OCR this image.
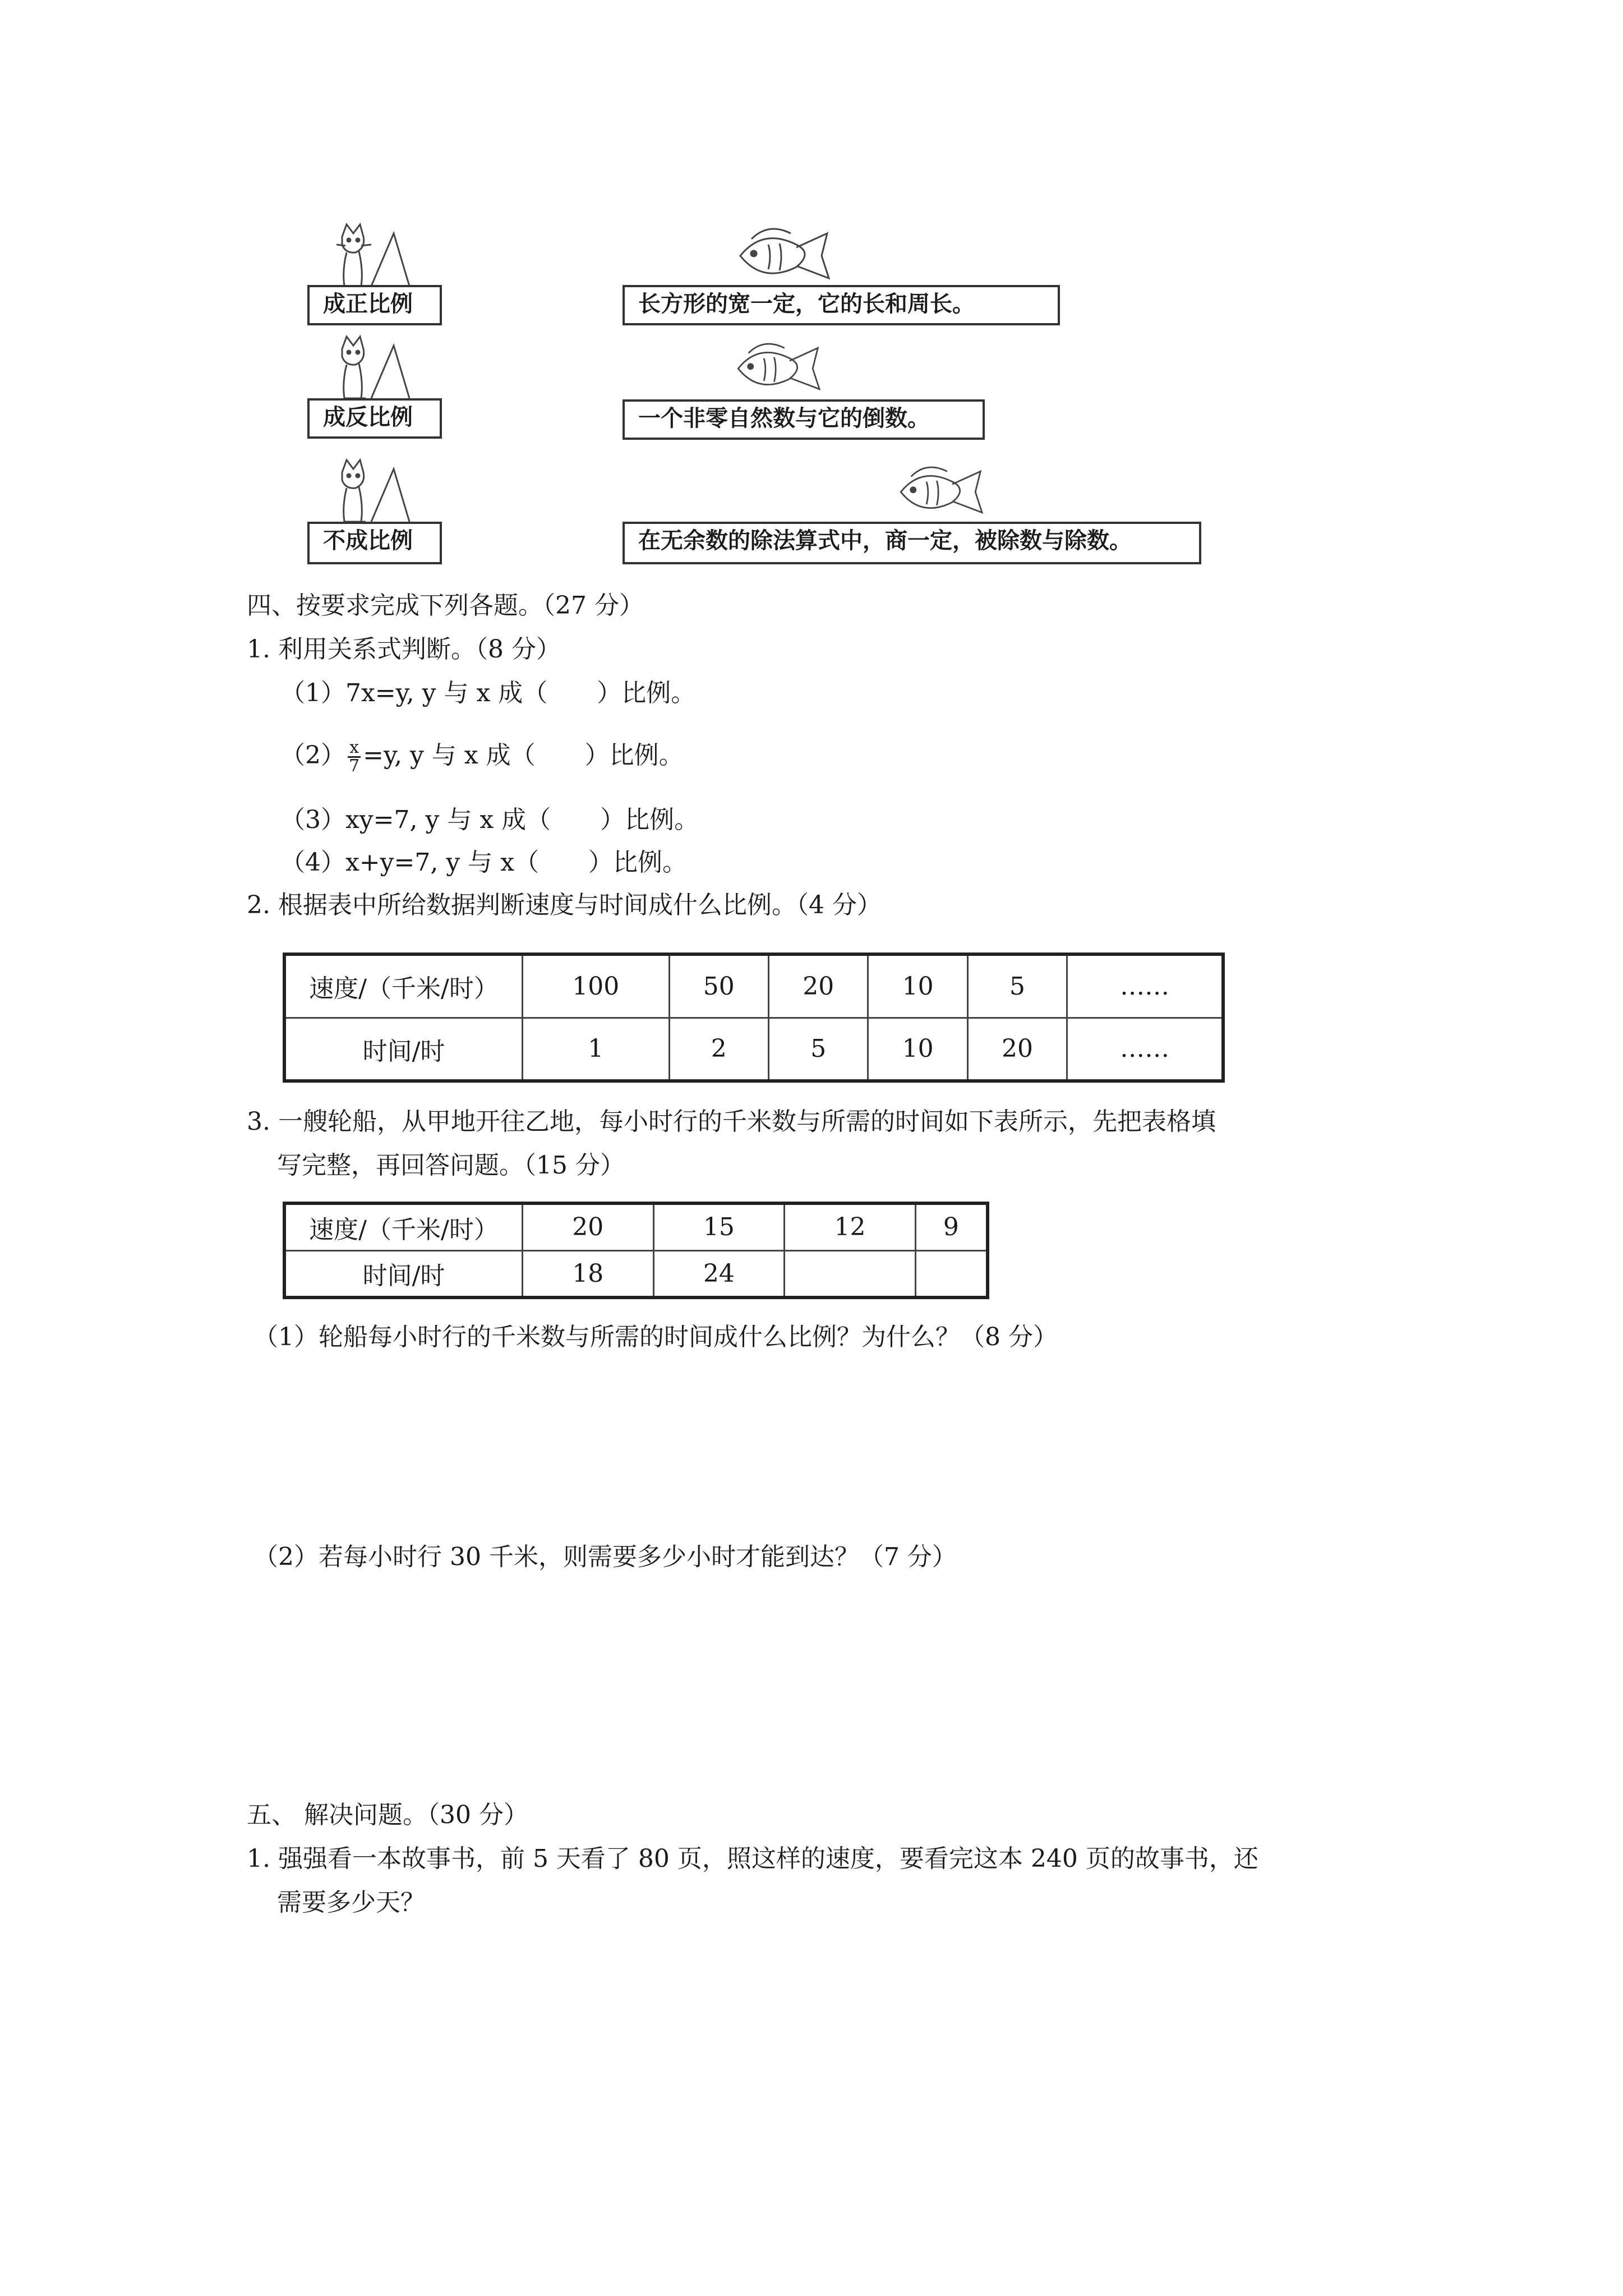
成正比例
成反比例
不成比例
长方形的宽一定，它的长和周长。
一个非零自然数与它的倒数。
在无余数的除法算式中，商一定，被除数与除数。
四、按要求完成下列各题。（27 分）
1. 利用关系式判断。（8 分）
（1）7x=y, y 与 x 成（　　）比例。
$(2) \frac{x}{7} =y$, y 与 x 成（　　）比例。
（3）xy=7, y 与 x 成（　　）比例。
（4）x+y=7, y 与 x（　　）比例。
2. 根据表中所给数据判断速度与时间成什么比例。（4 分）
速度/（千米/时）	100	50	20	10	5	……
时间/时	1	2	5	10	20	……
3. 一艘轮船，从甲地开往乙地，每小时行的千米数与所需的时间如下表所示，先把表格填
写完整，再回答问题。（15 分）
速度/（千米/时）	20	15	12	9
时间/时	18	24		
（1）轮船每小时行的千米数与所需的时间成什么比例？为什么？（8 分）
（2）若每小时行 30 千米，则需要多少小时才能到达？（7 分）
五、 解决问题。（30 分）
1. 强强看一本故事书，前 5 天看了 80 页，照这样的速度，要看完这本 240 页的故事书，还
需要多少天？
